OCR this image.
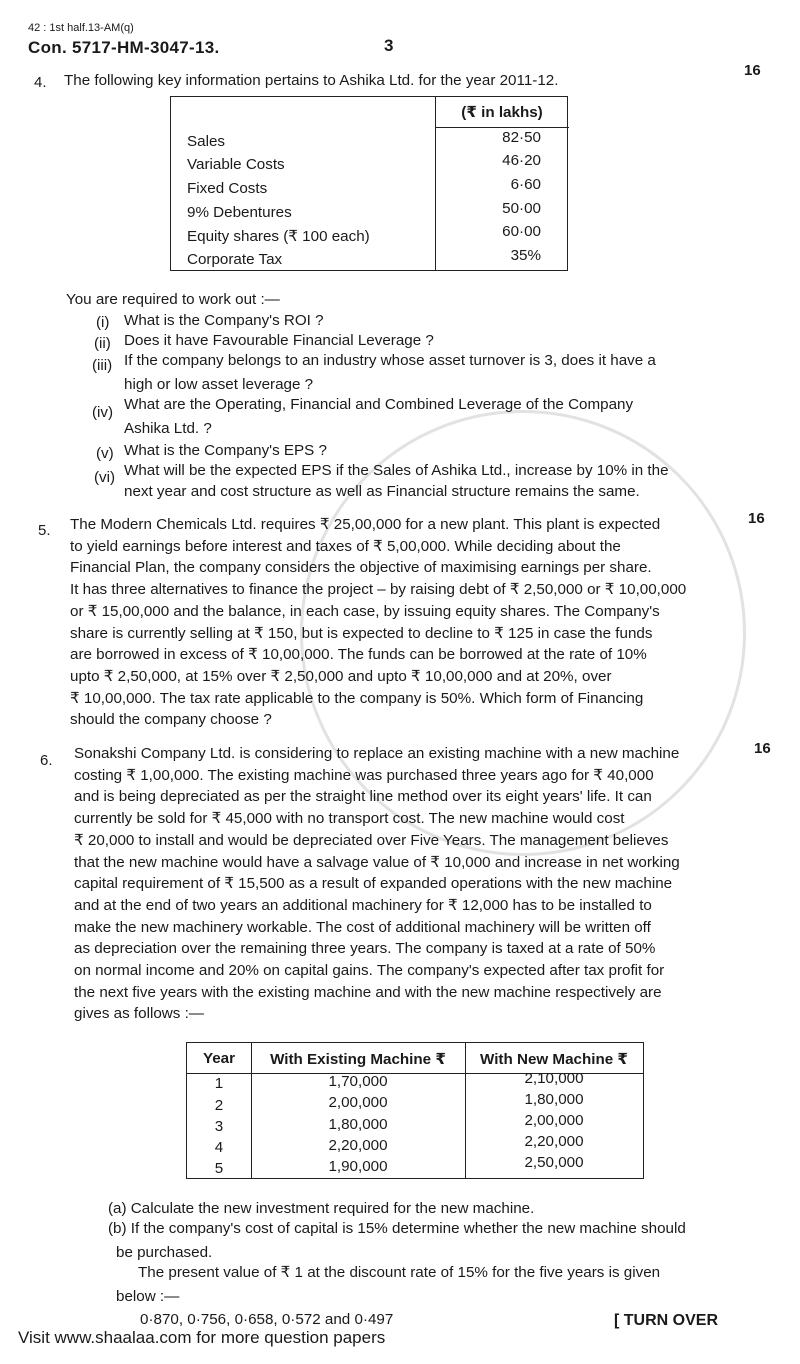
42 : 1st half.13-AM(q)
Con. 5717-HM-3047-13.	3
4. The following key information pertains to Ashika Ltd. for the year 2011-12.
16
(₹ in lakhs)
Sales	82·50
Variable Costs	46·20
Fixed Costs	6·60
9% Debentures	50·00
Equity shares (₹ 100 each)	60·00
Corporate Tax	35%
You are required to work out :—
(i) What is the Company's ROI ?
(ii) Does it have Favourable Financial Leverage ?
(iii) If the company belongs to an industry whose asset turnover is 3, does it have a
high or low asset leverage ?
(iv) What are the Operating, Financial and Combined Leverage of the Company
Ashika Ltd. ?
(v) What is the Company's EPS ?
(vi) What will be the expected EPS if the Sales of Ashika Ltd., increase by 10% in the
next year and cost structure as well as Financial structure remains the same.
5.
16
The Modern Chemicals Ltd. requires ₹ 25,00,000 for a new plant. This plant is expected
to yield earnings before interest and taxes of ₹ 5,00,000. While deciding about the
Financial Plan, the company considers the objective of maximising earnings per share.
It has three alternatives to finance the project – by raising debt of ₹ 2,50,000 or ₹ 10,00,000
or ₹ 15,00,000 and the balance, in each case, by issuing equity shares. The Company's
share is currently selling at ₹ 150, but is expected to decline to ₹ 125 in case the funds
are borrowed in excess of ₹ 10,00,000. The funds can be borrowed at the rate of 10%
upto ₹ 2,50,000, at 15% over ₹ 2,50,000 and upto ₹ 10,00,000 and at 20%, over
₹ 10,00,000. The tax rate applicable to the company is 50%. Which form of Financing
should the company choose ?
6.
16
Sonakshi Company Ltd. is considering to replace an existing machine with a new machine
costing ₹ 1,00,000. The existing machine was purchased three years ago for ₹ 40,000
and is being depreciated as per the straight line method over its eight years' life. It can
currently be sold for ₹ 45,000 with no transport cost. The new machine would cost
₹ 20,000 to install and would be depreciated over Five Years. The management believes
that the new machine would have a salvage value of ₹ 10,000 and increase in net working
capital requirement of ₹ 15,500 as a result of expanded operations with the new machine
and at the end of two years an additional machinery for ₹ 12,000 has to be installed to
make the new machinery workable. The cost of additional machinery will be written off
as depreciation over the remaining three years. The company is taxed at a rate of 50%
on normal income and 20% on capital gains. The company's expected after tax profit for
the next five years with the existing machine and with the new machine respectively are
gives as follows :—
Year	With Existing Machine ₹	With New Machine ₹
1	1,70,000	2,10,000
2	2,00,000	1,80,000
3	1,80,000	2,00,000
4	2,20,000	2,20,000
5	1,90,000	2,50,000
(a) Calculate the new investment required for the new machine.
(b) If the company's cost of capital is 15% determine whether the new machine should
be purchased.
The present value of ₹ 1 at the discount rate of 15% for the five years is given
below :—
0·870, 0·756, 0·658, 0·572 and 0·497	[ TURN OVER
Visit www.shaalaa.com for more question papers
